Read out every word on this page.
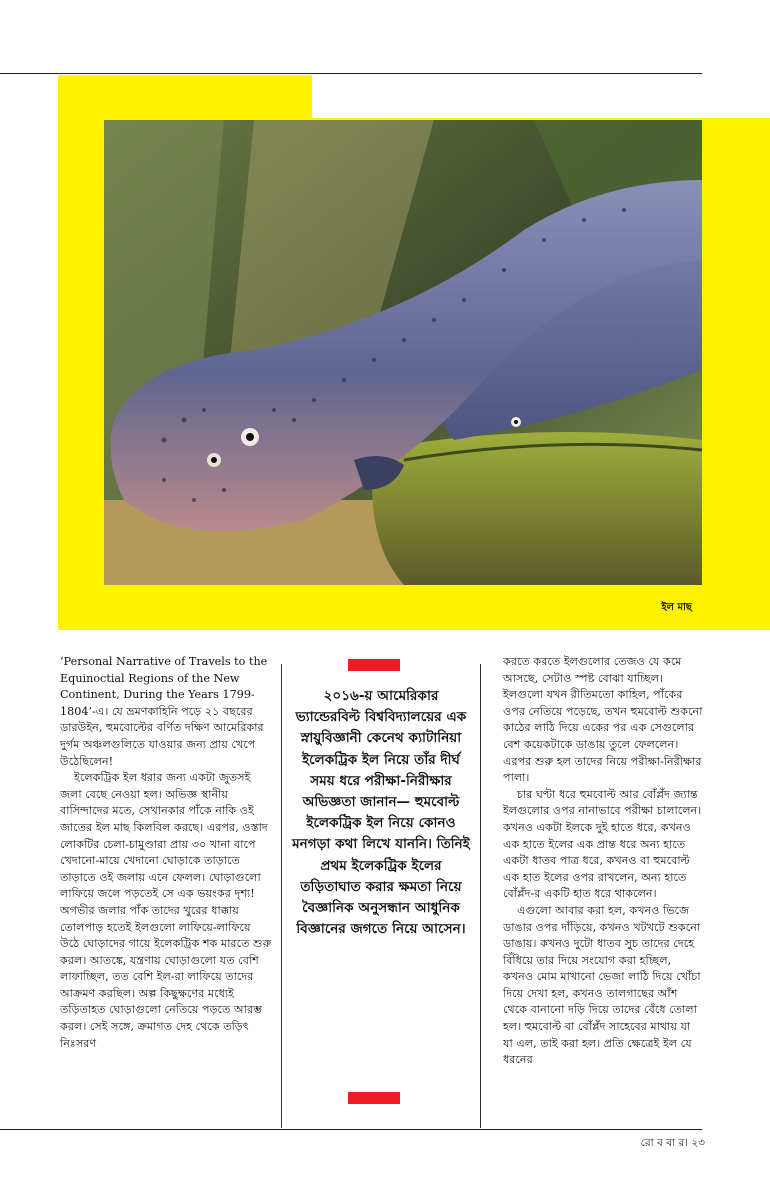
ইল মাছ

‘Personal Narrative of Travels to the Equinoctial Regions of the New Continent, During the Years 1799-1804’-এ। যে ভ্রমণকাহিনি পড়ে ২১ বছরের ডারউইন, হুমবোল্টের বর্ণিত দক্ষিণ আমেরিকার দুর্গম অঞ্চলগুলিতে যাওয়ার জন্য প্রায় খেপে উঠেছিলেন!

ইলেকট্রিক ইল ধরার জন্য একটা জুতসই জলা বেছে নেওয়া হল। অভিজ্ঞ স্থানীয় বাসিন্দাদের মতে, সেখানকার পাঁকে নাকি ওই জাতের ইল মাছ কিলবিল করছে। এরপর, ওস্তাদ লোকটির চেলা-চামুণ্ডারা প্রায় ৩০ খানা বাপে খেদানো-মায়ে খেদানো ঘোড়াকে তাড়াতে তাড়াতে ওই জলায় এনে ফেলল। ঘোড়াগুলো লাফিয়ে জলে পড়তেই সে এক ভয়ংকর দৃশ্য! অগভীর জলার পাঁক তাদের খুরের ধাক্কায় তোলপাড় হতেই ইলগুলো লাফিয়ে-লাফিয়ে উঠে ঘোড়াদের গায়ে ইলেকট্রিক শক মারতে শুরু করল। আতঙ্কে, যন্ত্রণায় ঘোড়াগুলো যত বেশি লাফাচ্ছিল, তত বেশি ইল-রা লাফিয়ে তাদের আক্রমণ করছিল। অল্প কিছুক্ষণের মধ্যেই তড়িতাহত ঘোড়াগুলো নেতিয়ে পড়তে আরম্ভ করল। সেই সঙ্গে, ক্রমাগত দেহ থেকে তড়িৎ নিঃসরণ

২০১৬-য় আমেরিকার ভ্যান্ডেরবিল্ট বিশ্ববিদ্যালয়ের এক স্নায়ুবিজ্ঞানী কেনেথ ক্যাটানিয়া ইলেকট্রিক ইল নিয়ে তাঁর দীর্ঘ সময় ধরে পরীক্ষা-নিরীক্ষার অভিজ্ঞতা জানান— হুমবোল্ট ইলেকট্রিক ইল নিয়ে কোনও মনগড়া কথা লিখে যাননি। তিনিই প্রথম ইলেকট্রিক ইলের তড়িতাঘাত করার ক্ষমতা নিয়ে বৈজ্ঞানিক অনুসন্ধান আধুনিক বিজ্ঞানের জগতে নিয়ে আসেন।

করতে করতে ইলগুলোর তেজও যে কমে আসছে, সেটাও স্পষ্ট বোঝা যাচ্ছিল। ইলগুলো যখন রীতিমতো কাহিল, পাঁকের ওপর নেতিয়ে পড়েছে, তখন হুমবোল্ট শুকনো কাঠের লাঠি দিয়ে একের পর এক সেগুলোর বেশ কয়েকটাকে ডাঙায় তুলে ফেললেন। এরপর শুরু হল তাদের নিয়ে পরীক্ষা-নিরীক্ষার পালা।

চার ঘণ্টা ধরে হুমবোল্ট আর বোঁপ্লঁদ জ্যান্ত ইলগুলোর ওপর নানাভাবে পরীক্ষা চালালেন। কখনও একটা ইলকে দুই হাতে ধরে, কখনও এক হাতে ইলের এক প্রান্ত ধরে অন্য হাতে একটা ধাতব পাত্র ধরে, কখনও বা হুমবোল্ট এক হাত ইলের ওপর রাখলেন, অন্য হাতে বোঁপ্লঁদ-র একটি হাত ধরে থাকলেন।

এগুলো আবার করা হল, কখনও ভিজে ডাঙার ওপর দাঁড়িয়ে, কখনও খটখটে শুকনো ডাঙায়। কখনও দুটো ধাতব সুচ তাদের দেহে বিঁধিয়ে তার দিয়ে সংযোগ করা হচ্ছিল, কখনও মোম মাখানো ভেজা লাঠি দিয়ে খোঁচা দিয়ে দেখা হল, কখনও তালগাছের আঁশ থেকে বানানো দড়ি দিয়ে তাদের বেঁধে তোলা হল। হুমবোল্ট বা বোঁপ্লঁদ সাহেবের মাথায় যা যা এল, তাই করা হল। প্রতি ক্ষেত্রেই ইল যে ধরনের

রো ব বা র। ২৩
